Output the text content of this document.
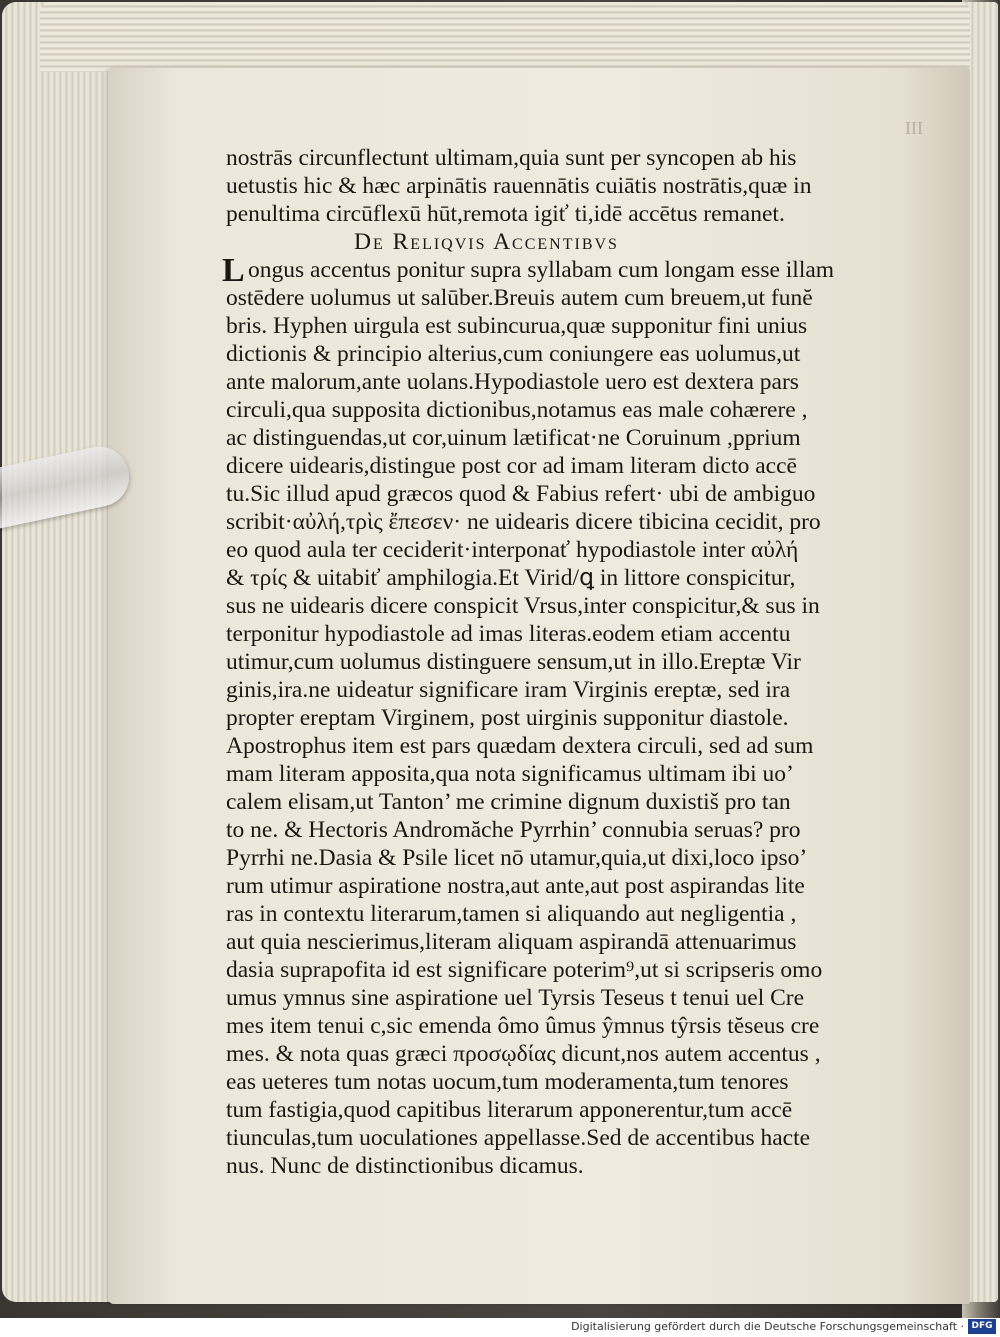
III
L
nostrās circunflectunt ultimam,quia sunt per syncopen ab his
uetustis hic & hæc arpinātis rauennātis cuiātis nostrātis,quæ in
penultima circūflexū hūt,remota igiť ti,idē accētus remanet.
De Reliqvis Accentibvs
ongus accentus ponitur supra syllabam cum longam esse illam
ostēdere uolumus ut salūber.Breuis autem cum breuem,ut funĕ
bris. Hyphen uirgula est subincurua,quæ supponitur fini unius
dictionis & principio alterius,cum coniungere eas uolumus,ut
ante malorum,ante uolans.Hypodiastole uero est dextera pars
circuli,qua supposita dictionibus,notamus eas male cohærere ,
ac distinguendas,ut cor,uinum lætificat·ne Coruinum ,pprium
dicere uidearis,distingue post cor ad imam literam dicto accē
tu.Sic illud apud græcos quod & Fabius refert· ubi de ambiguo
scribit·αὐλή,τρὶς ἔπεσεν· ne uidearis dicere tibicina cecidit, pro
eo quod aula ter ceciderit·interponať hypodiastole inter αὐλή
& τρίς & uitabiť amphilogia.Et Virid/ꝗ in littore conspicitur,
sus ne uidearis dicere conspicit Vrsus,inter conspicitur,& sus in
terponitur hypodiastole ad imas literas.eodem etiam accentu
utimur,cum uolumus distinguere sensum,ut in illo.Ereptæ Vir
ginis,ira.ne uideatur significare iram Virginis ereptæ, sed ira
propter ereptam Virginem, post uirginis supponitur diastole.
Apostrophus item est pars quædam dextera circuli, sed ad sum
mam literam apposita,qua nota significamus ultimam ibi uo’
calem elisam,ut Tanton’ me crimine dignum duxistiš pro tan
to ne. & Hectoris Andromăche Pyrrhin’ connubia seruas? pro
Pyrrhi ne.Dasia & Psile licet nō utamur,quia,ut dixi,loco ipso’
rum utimur aspiratione nostra,aut ante,aut post aspirandas lite
ras in contextu literarum,tamen si aliquando aut negligentia ,
aut quia nescierimus,literam aliquam aspirandā attenuarimus
dasia suprapofita id est significare poterim⁹,ut si scripseris omo
umus ymnus sine aspiratione uel Tyrsis Teseus t tenui uel Cre
mes item tenui c,sic emenda ômo ûmus ŷmnus tŷrsis tĕseus cre
mes. & nota quas græci προσῳδίας dicunt,nos autem accentus ,
eas ueteres tum notas uocum,tum moderamenta,tum tenores
tum fastigia,quod capitibus literarum apponerentur,tum accē
tiunculas,tum uoculationes appellasse.Sed de accentibus hacte
nus. Nunc de distinctionibus dicamus.
Digitalisierung gefördert durch die Deutsche Forschungsgemeinschaft · DFG
